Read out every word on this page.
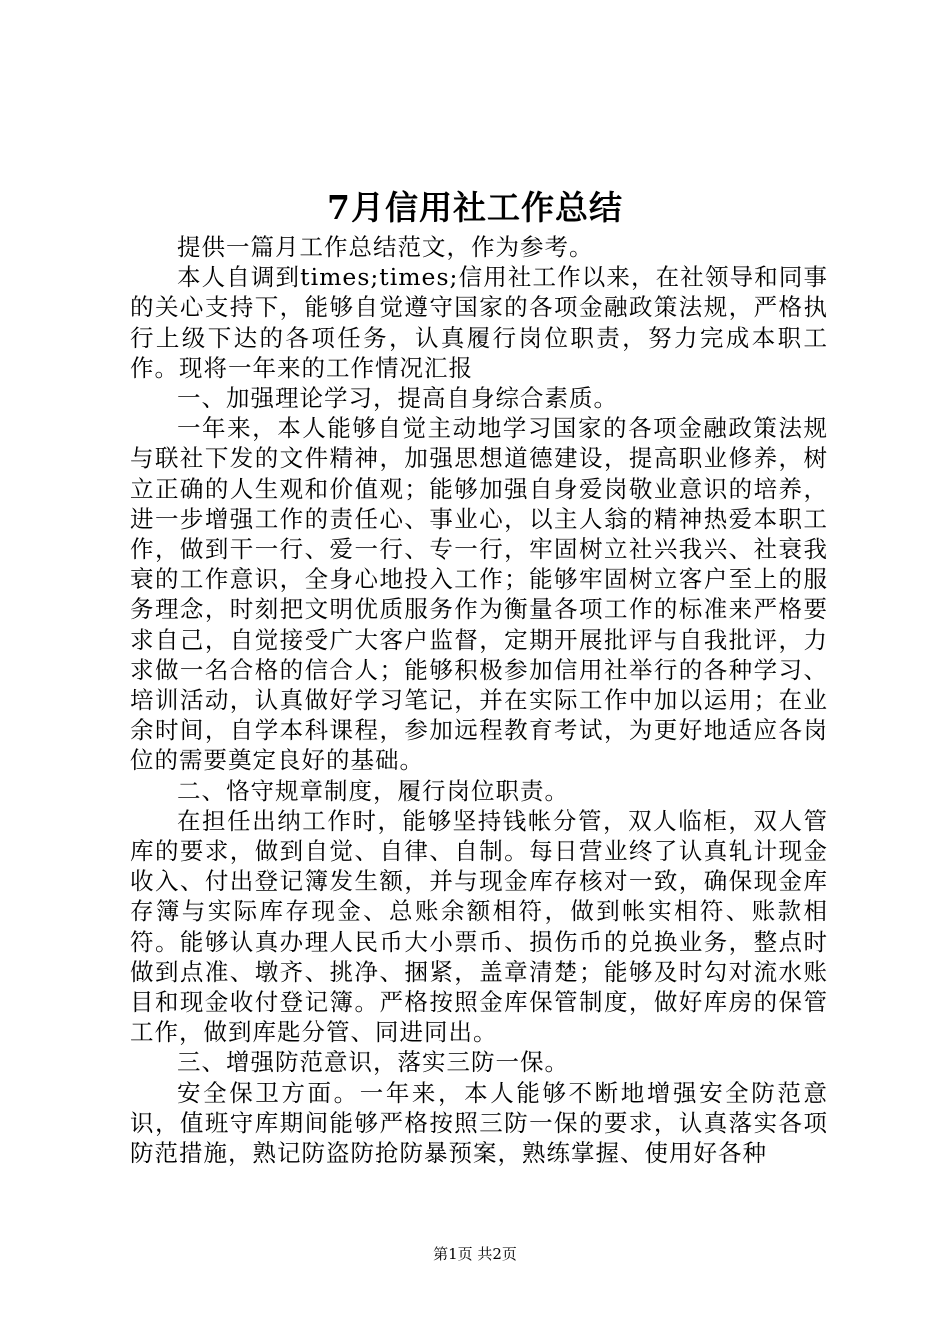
7月信用社工作总结

提供一篇月工作总结范文，作为参考。

本人自调到times;times;信用社工作以来，在社领导和同事的关心支持下，能够自觉遵守国家的各项金融政策法规，严格执行上级下达的各项任务，认真履行岗位职责，努力完成本职工作。现将一年来的工作情况汇报

一、加强理论学习，提高自身综合素质。

一年来，本人能够自觉主动地学习国家的各项金融政策法规与联社下发的文件精神，加强思想道德建设，提高职业修养，树立正确的人生观和价值观；能够加强自身爱岗敬业意识的培养，进一步增强工作的责任心、事业心，以主人翁的精神热爱本职工作，做到干一行、爱一行、专一行，牢固树立社兴我兴、社衰我衰的工作意识，全身心地投入工作；能够牢固树立客户至上的服务理念，时刻把文明优质服务作为衡量各项工作的标准来严格要求自己，自觉接受广大客户监督，定期开展批评与自我批评，力求做一名合格的信合人；能够积极参加信用社举行的各种学习、培训活动，认真做好学习笔记，并在实际工作中加以运用；在业余时间，自学本科课程，参加远程教育考试，为更好地适应各岗位的需要奠定良好的基础。

二、恪守规章制度，履行岗位职责。

在担任出纳工作时，能够坚持钱帐分管，双人临柜，双人管库的要求，做到自觉、自律、自制。每日营业终了认真轧计现金收入、付出登记簿发生额，并与现金库存核对一致，确保现金库存簿与实际库存现金、总账余额相符，做到帐实相符、账款相符。能够认真办理人民币大小票币、损伤币的兑换业务，整点时做到点准、墩齐、挑净、捆紧，盖章清楚；能够及时勾对流水账目和现金收付登记簿。严格按照金库保管制度，做好库房的保管工作，做到库匙分管、同进同出。

三、增强防范意识，落实三防一保。

安全保卫方面。一年来，本人能够不断地增强安全防范意识，值班守库期间能够严格按照三防一保的要求，认真落实各项防范措施，熟记防盗防抢防暴预案，熟练掌握、使用好各种

第1页 共2页
